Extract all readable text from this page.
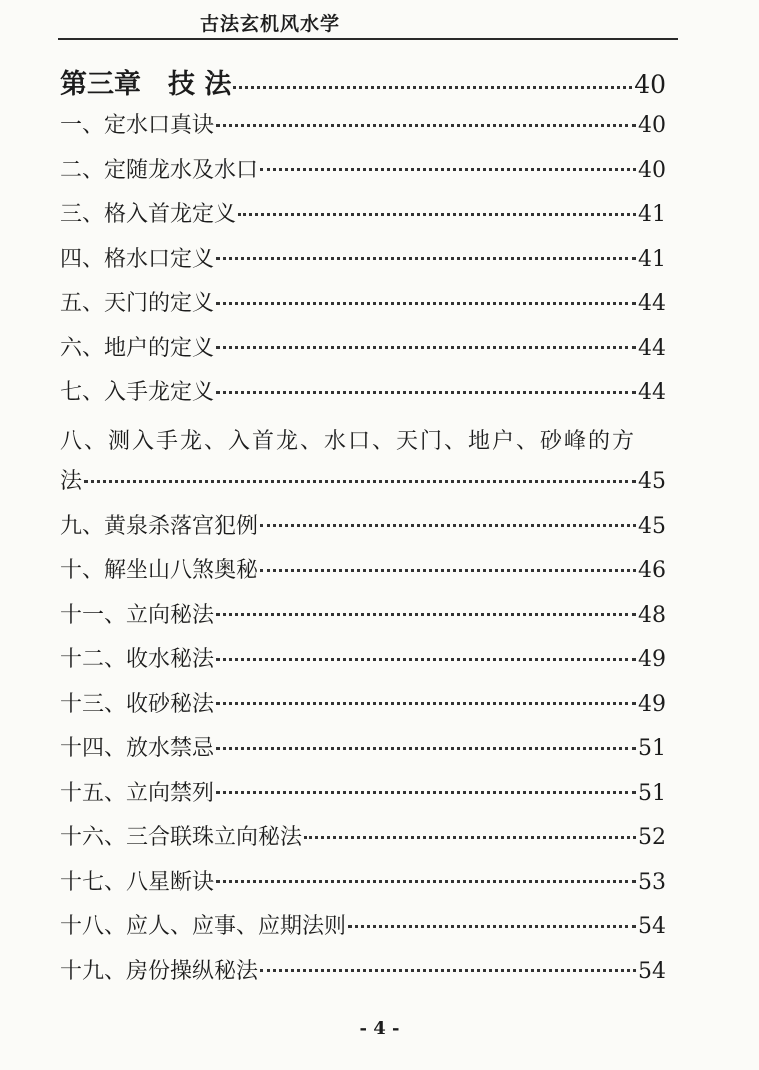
古法玄机风水学
第三章　技 法	40
一、定水口真诀	40
二、定随龙水及水口	40
三、格入首龙定义	41
四、格水口定义	41
五、天门的定义	44
六、地户的定义	44
七、入手龙定义	44
八、测入手龙、入首龙、水口、天门、地户、砂峰的方
法	45
九、黄泉杀落宫犯例	45
十、解坐山八煞奥秘	46
十一、立向秘法	48
十二、收水秘法	49
十三、收砂秘法	49
十四、放水禁忌	51
十五、立向禁列	51
十六、三合联珠立向秘法	52
十七、八星断诀	53
十八、应人、应事、应期法则	54
十九、房份操纵秘法	54
- 4 -
